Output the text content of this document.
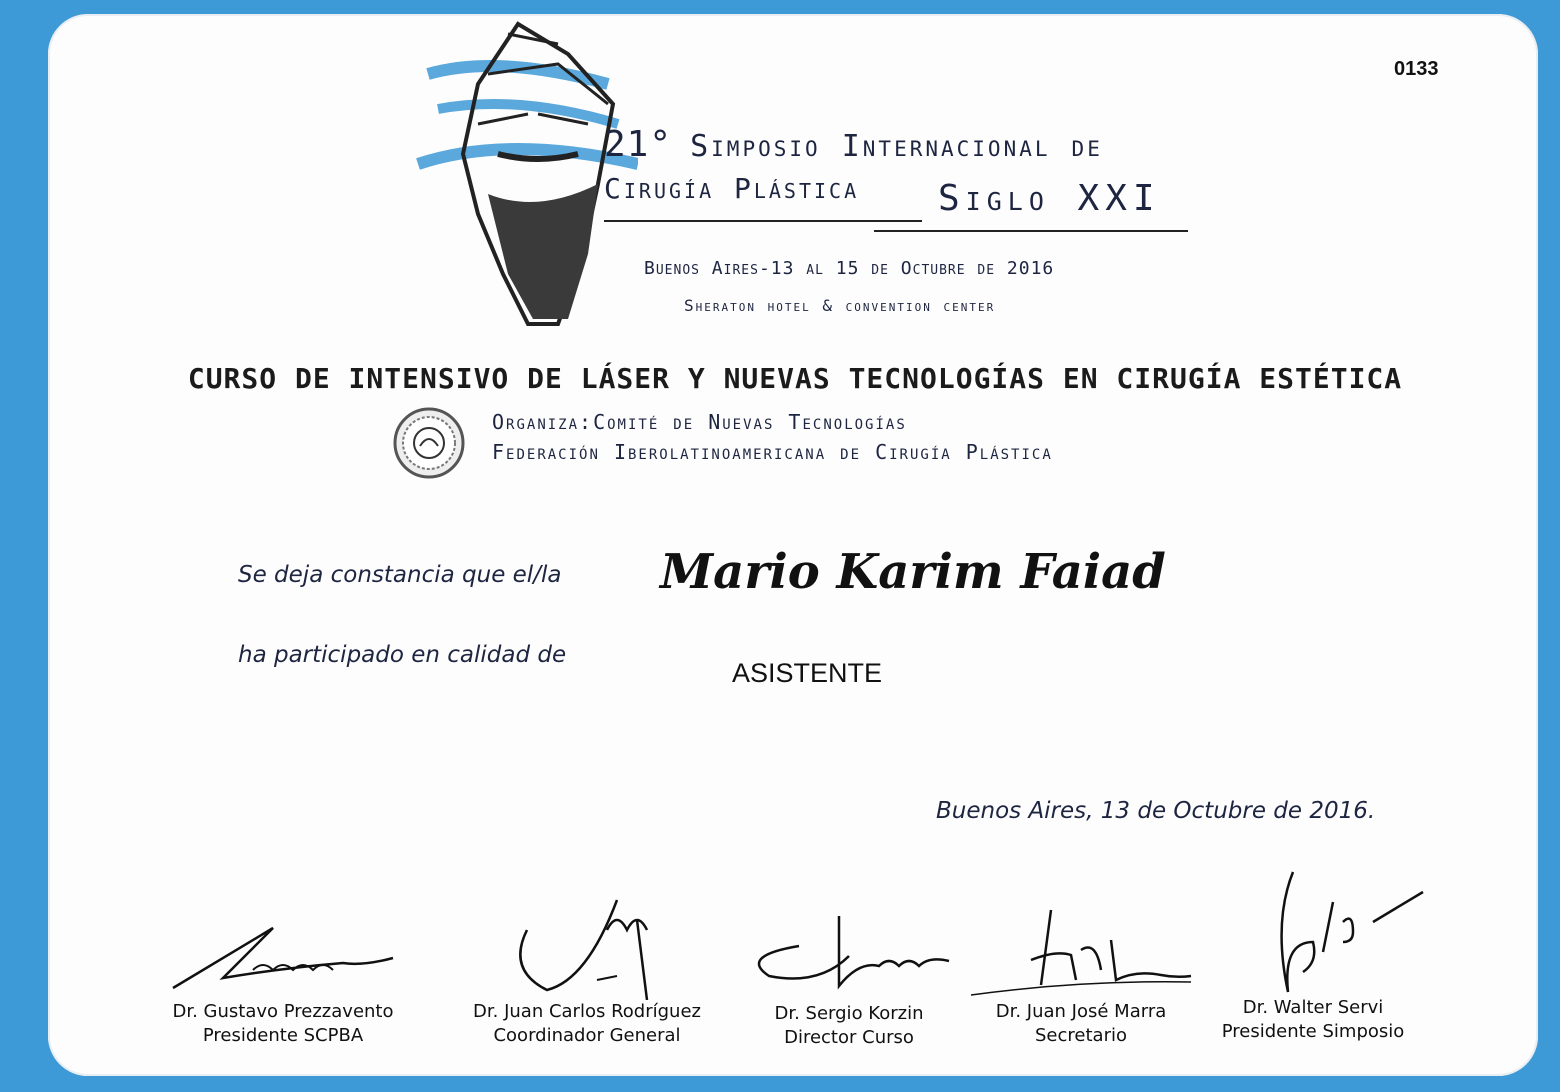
0133
21° Simposio Internacional de
Cirugía Plástica Siglo XXI
Buenos Aires-13 al 15 de Octubre de 2016
Sheraton hotel & convention center
CURSO DE INTENSIVO DE LÁSER Y NUEVAS TECNOLOGÍAS EN CIRUGÍA ESTÉTICA
Organiza:Comité de Nuevas Tecnologías
Federación Iberolatinoamericana de Cirugía Plástica
Se deja constancia que el/la Mario Karim Faiad
ha participado en calidad de
ASISTENTE
Buenos Aires, 13 de Octubre de 2016.
Dr. Gustavo Prezzavento
Presidente SCPBA
Dr. Juan Carlos Rodríguez
Coordinador General
Dr. Sergio Korzin
Director Curso
Dr. Juan José Marra
Secretario
Dr. Walter Servi
Presidente Simposio
